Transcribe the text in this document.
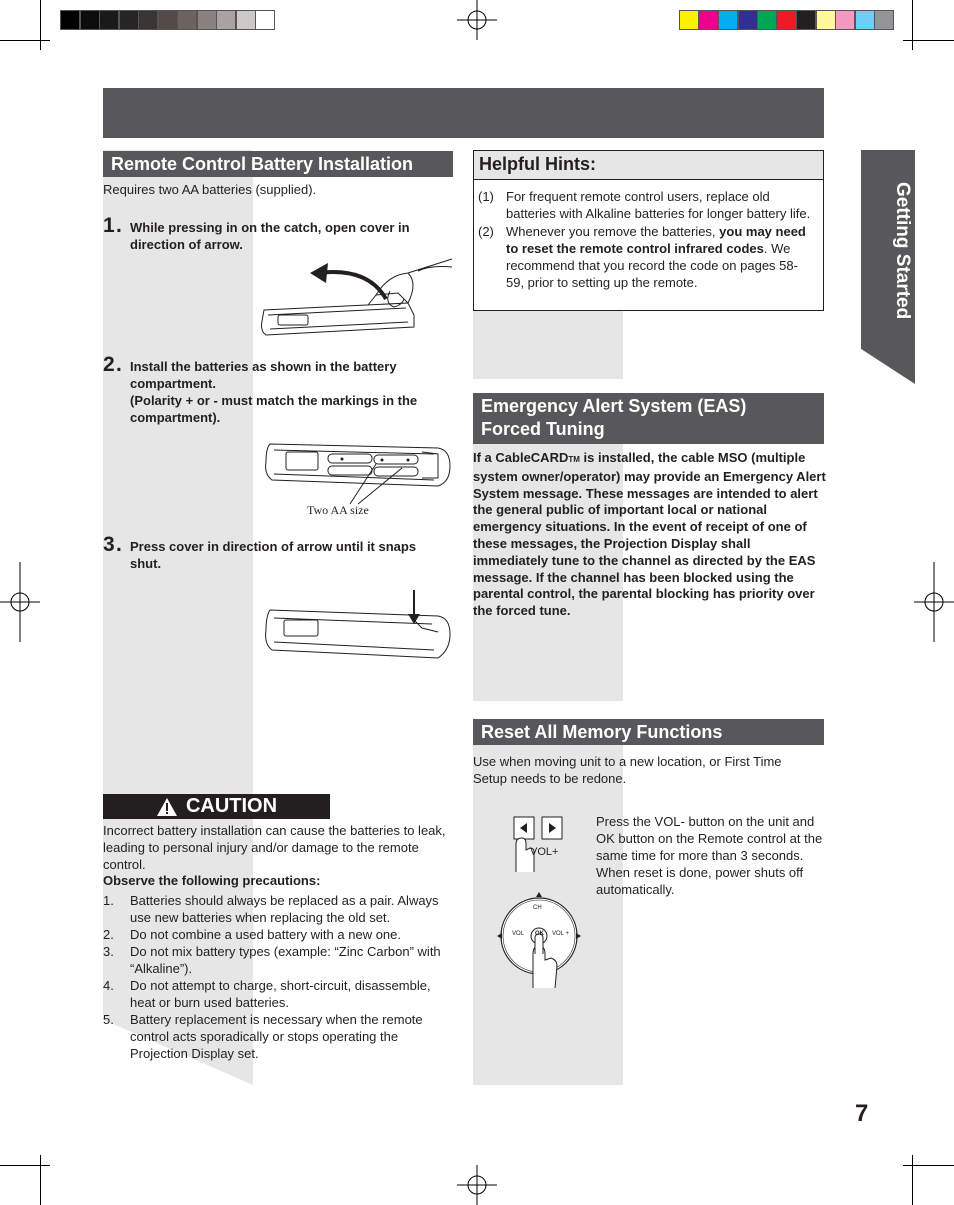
Getting Started
Remote Control Battery Installation
Requires two AA batteries (supplied).
1 . While pressing in on the catch, open cover in direction of arrow.
2 . Install the batteries as shown in the battery compartment.
(Polarity + or - must match the markings in the compartment).
Two AA size
3 . Press cover in direction of arrow until it snaps shut.
CAUTION
Incorrect battery installation can cause the batteries to leak, leading to personal injury and/or damage to the remote control.
Observe the following precautions:
1.	Batteries should always be replaced as a pair. Always use new batteries when replacing the old set.
2.	Do not combine a used battery with a new one.
3.	Do not mix battery types (example: “Zinc Carbon” with “Alkaline”).
4.	Do not attempt to charge, short-circuit, disassemble, heat or burn used batteries.
5.	Battery replacement is necessary when the remote control acts sporadically or stops operating the Projection Display set.
Helpful Hints:
(1) For frequent remote control users, replace old batteries with Alkaline batteries for longer battery life.
(2) Whenever you remove the batteries, you may need to reset the remote control infrared codes. We recommend that you record the code on pages 58-59, prior to setting up the remote.
Emergency Alert System (EAS)
Forced Tuning
If a CableCARDTM is installed, the cable MSO (multiple system owner/operator) may provide an Emergency Alert System message. These messages are intended to alert the general public of important local or national emergency situations. In the event of receipt of one of these messages, the Projection Display shall immediately tune to the channel as directed by the EAS message. If the channel has been blocked using the parental control, the parental blocking has priority over the forced tune.
Reset All Memory Functions
Use when moving unit to a new location, or First Time Setup needs to be redone.
Press the VOL- button on the unit and OK button on the Remote control at the same time for more than 3 seconds. When reset is done, power shuts off automatically.
VOL+
CH
VOL	VOL +
OK
7
